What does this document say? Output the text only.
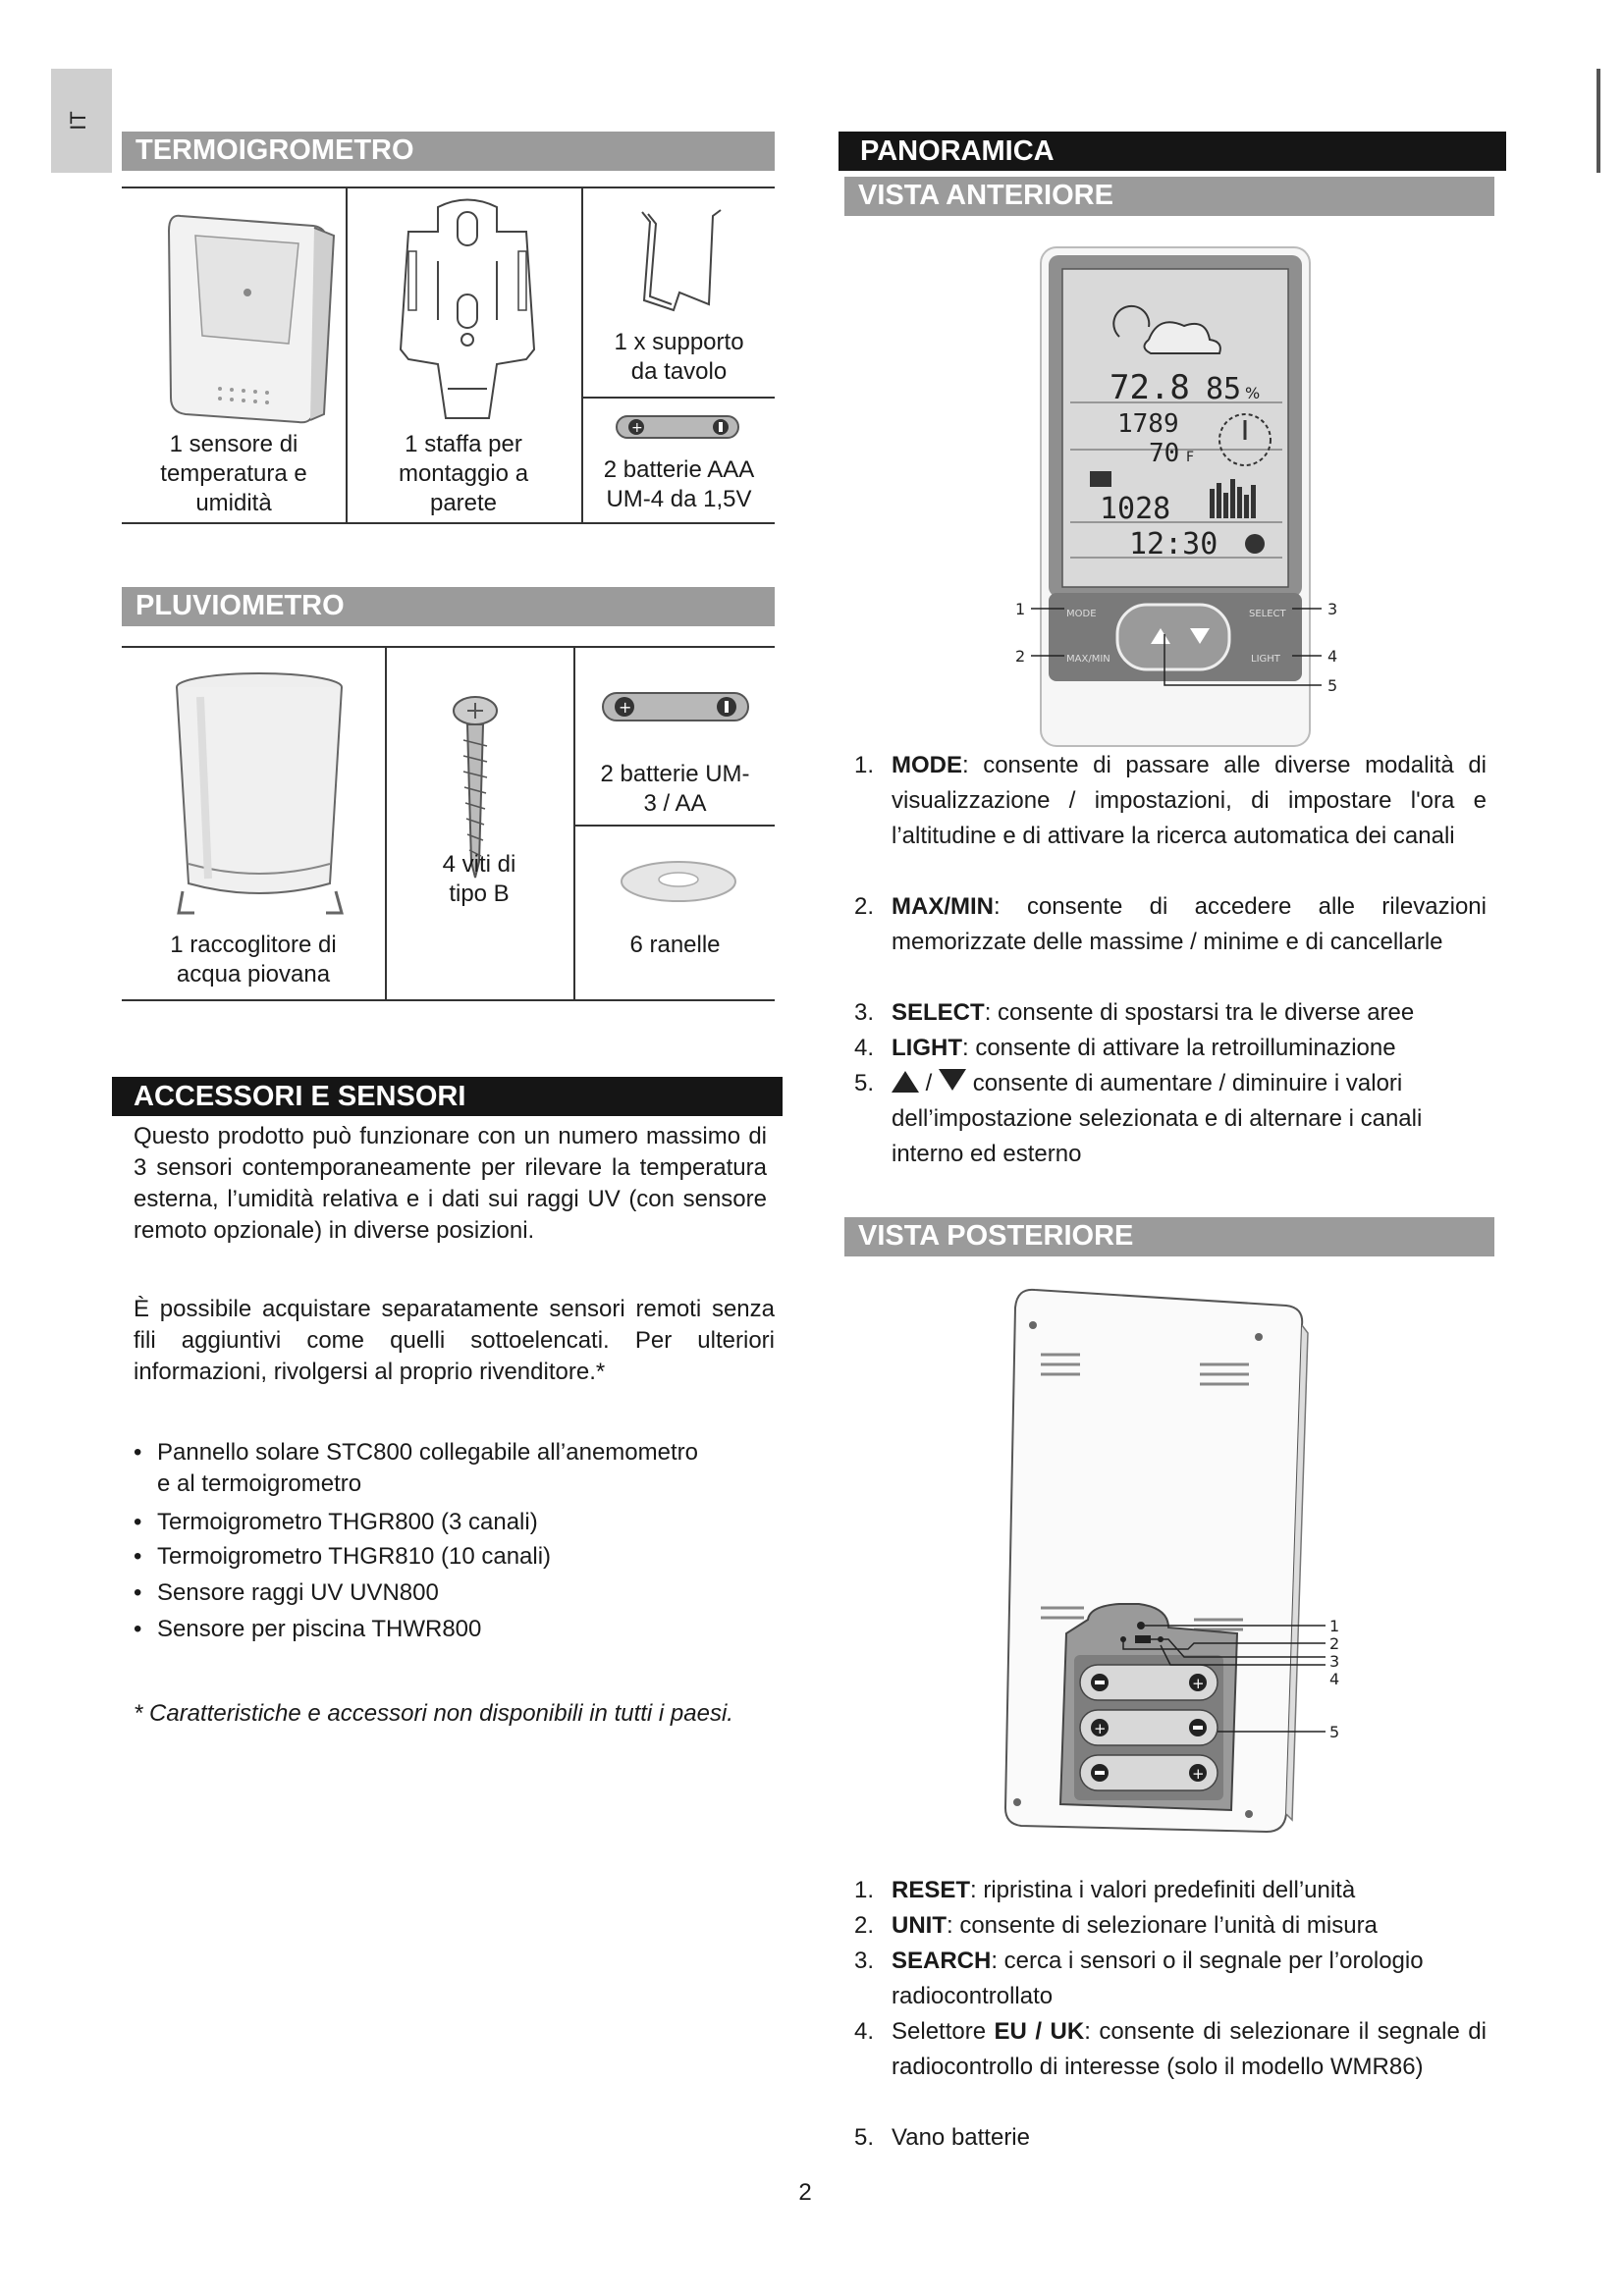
IT
TERMOIGROMETRO
1 sensore di
temperatura e
umidità
1 staffa per
montaggio a
parete
1 x supporto
da tavolo
+
2 batterie AAA
UM-4 da 1,5V
PLUVIOMETRO
1 raccoglitore di
acqua piovana
4 viti di
tipo B
+
2 batterie UM-
3 / AA
6 ranelle
ACCESSORI E SENSORI
Questo prodotto può funzionare con un numero massimo di 3 sensori contemporaneamente per rilevare la temperatura esterna, l’umidità relativa e i dati sui raggi UV (con sensore remoto opzionale) in diverse posizioni.
È possibile acquistare separatamente sensori remoti senza fili aggiuntivi come quelli sottoelencati. Per ulteriori informazioni, rivolgersi al proprio rivenditore.*
• Pannello solare STC800 collegabile all’anemometro
e al termoigrometro
• Termoigrometro THGR800 (3 canali)
• Termoigrometro THGR810 (10 canali)
• Sensore raggi UV UVN800
• Sensore per piscina THWR800
* Caratteristiche e accessori non disponibili in tutti i paesi.
PANORAMICA
VISTA ANTERIORE
72.8 85 %
1789
70 F
1028
12:30
MODE	SELECT
MAX/MIN	LIGHT
1
2
3
4
5
1. MODE: consente di passare alle diverse modalità di visualizzazione / impostazioni, di impostare l'ora e l’altitudine e di attivare la ricerca automatica dei canali
2. MAX/MIN: consente di accedere alle rilevazioni memorizzate delle massime / minime e di cancellarle
3. SELECT: consente di spostarsi tra le diverse aree
4. LIGHT: consente di attivare la retroilluminazione
5.	/  consente di aumentare / diminuire i valori dell’impostazione selezionata e di alternare i canali interno ed esterno
VISTA POSTERIORE
+
+
+
1
2
3
4
5
1. RESET: ripristina i valori predefiniti dell’unità
2. UNIT: consente di selezionare l’unità di misura
3. SEARCH: cerca i sensori o il segnale per l’orologio radiocontrollato
4. Selettore EU / UK: consente di selezionare il segnale di radiocontrollo di interesse (solo il modello WMR86)
5. Vano batterie
2
